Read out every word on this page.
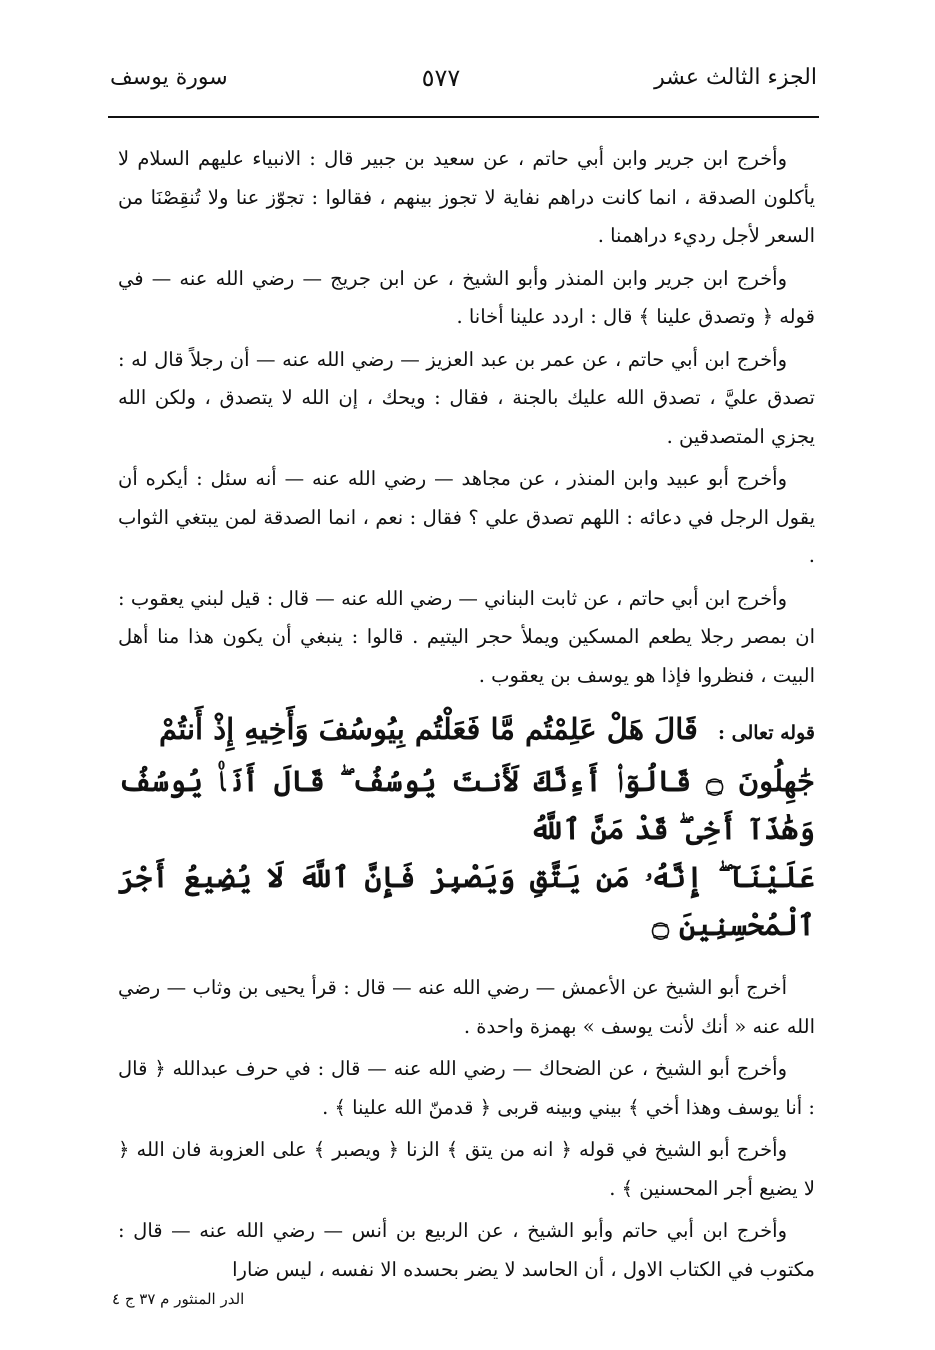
الجزء الثالث عشر
٥٧٧
سورة يوسف

وأخرج ابن جرير وابن أبي حاتم ، عن سعيد بن جبير قال : الانبياء عليهم السلام لا يأكلون الصدقة ، انما كانت دراهم نفاية لا تجوز بينهم ، فقالوا : تجوّز عنا ولا تُنقِصْنَا من السعر لأجل رديء دراهمنا .

وأخرج ابن جرير وابن المنذر وأبو الشيخ ، عن ابن جريج — رضي الله عنه — في قوله ﴿ وتصدق علينا ﴾ قال : اردد علينا أخانا .

وأخرج ابن أبي حاتم ، عن عمر بن عبد العزيز — رضي الله عنه — أن رجلاً قال له : تصدق عليَّ ، تصدق الله عليك بالجنة ، فقال : ويحك ، إن الله لا يتصدق ، ولكن الله يجزي المتصدقين .

وأخرج أبو عبيد وابن المنذر ، عن مجاهد — رضي الله عنه — أنه سئل : أيكره أن يقول الرجل في دعائه : اللهم تصدق علي ؟ فقال : نعم ، انما الصدقة لمن يبتغي الثواب .

وأخرج ابن أبي حاتم ، عن ثابت البناني — رضي الله عنه — قال : قيل لبني يعقوب : ان بمصر رجلا يطعم المسكين ويملأ حجر اليتيم . قالوا : ينبغي أن يكون هذا منا أهل البيت ، فنظروا فإذا هو يوسف بن يعقوب .

قوله تعالى : قَالَ هَلْ عَلِمْتُم مَّا فَعَلْتُم بِيُوسُفَ وَأَخِيهِ إِذْ أَنتُمْ
جَٰهِلُونَ ۝ قَالُوٓا۟ أَءِنَّكَ لَأَنتَ يُوسُفُ ۖ قَالَ أَنَا۠ يُوسُفُ وَهَٰذَآ أَخِى ۖ قَدْ مَنَّ ٱللَّهُ
عَلَيْنَآ ۖ إِنَّهُۥ مَن يَتَّقِ وَيَصْبِرْ فَإِنَّ ٱللَّهَ لَا يُضِيعُ أَجْرَ ٱلْمُحْسِنِينَ ۝

أخرج أبو الشيخ عن الأعمش — رضي الله عنه — قال : قرأ يحيى بن وثاب — رضي الله عنه « أنك لأنت يوسف » بهمزة واحدة .

وأخرج أبو الشيخ ، عن الضحاك — رضي الله عنه — قال : في حرف عبدالله ﴿ قال : أنا يوسف وهذا أخي ﴾ بيني وبينه قربى ﴿ قدمنّ الله علينا ﴾ .

وأخرج أبو الشيخ في قوله ﴿ انه من يتق ﴾ الزنا ﴿ ويصبر ﴾ على العزوبة فان الله ﴿ لا يضيع أجر المحسنين ﴾ .

وأخرج ابن أبي حاتم وأبو الشيخ ، عن الربيع بن أنس — رضي الله عنه — قال : مكتوب في الكتاب الاول ، أن الحاسد لا يضر بحسده الا نفسه ، ليس ضارا

الدر المنثور م ٣٧ ج ٤
